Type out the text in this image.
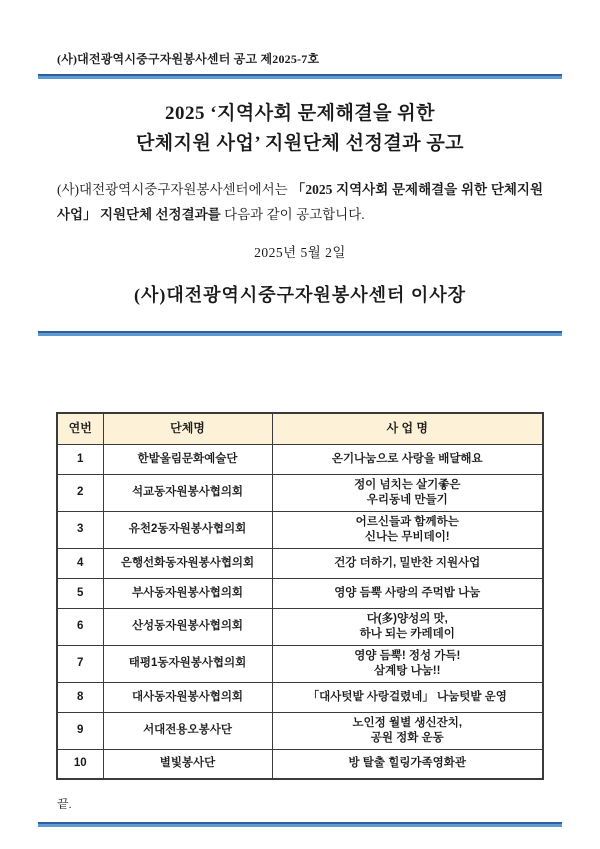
(사)대전광역시중구자원봉사센터 공고 제2025-7호
2025 ‘지역사회 문제해결을 위한
단체지원 사업’ 지원단체 선정결과 공고

(사)대전광역시중구자원봉사센터에서는 「2025 지역사회 문제해결을 위한 단체지원 사업」 지원단체 선정결과를 다음과 같이 공고합니다.

2025년 5월 2일
(사)대전광역시중구자원봉사센터 이사장
연번	단체명	사 업 명
1	한밭울림문화예술단	온기나눔으로 사랑을 배달해요

2	석교동자원봉사협의회	정이 넘치는 살기좋은
우리동네 만들기

3	유천2동자원봉사협의회	어르신들과 함께하는
신나는 무비데이!

4	은행선화동자원봉사협의회	건강 더하기, 밀반찬 지원사업

5	부사동자원봉사협의회	영양 듬뿍 사랑의 주먹밥 나눔

6	산성동자원봉사협의회	다(多)양성의 맛,
하나 되는 카레데이

7	태평1동자원봉사협의회	영양 듬뿍! 정성 가득!
삼계탕 나눔!!

8	대사동자원봉사협의회	「대사텃밭 사랑걸렸네」 나눔텃밭 운영

9	서대전용오봉사단	노인정 월별 생신잔치,
공원 정화 운동

10	별빛봉사단	방 탈출 힐링가족영화관
끝.
